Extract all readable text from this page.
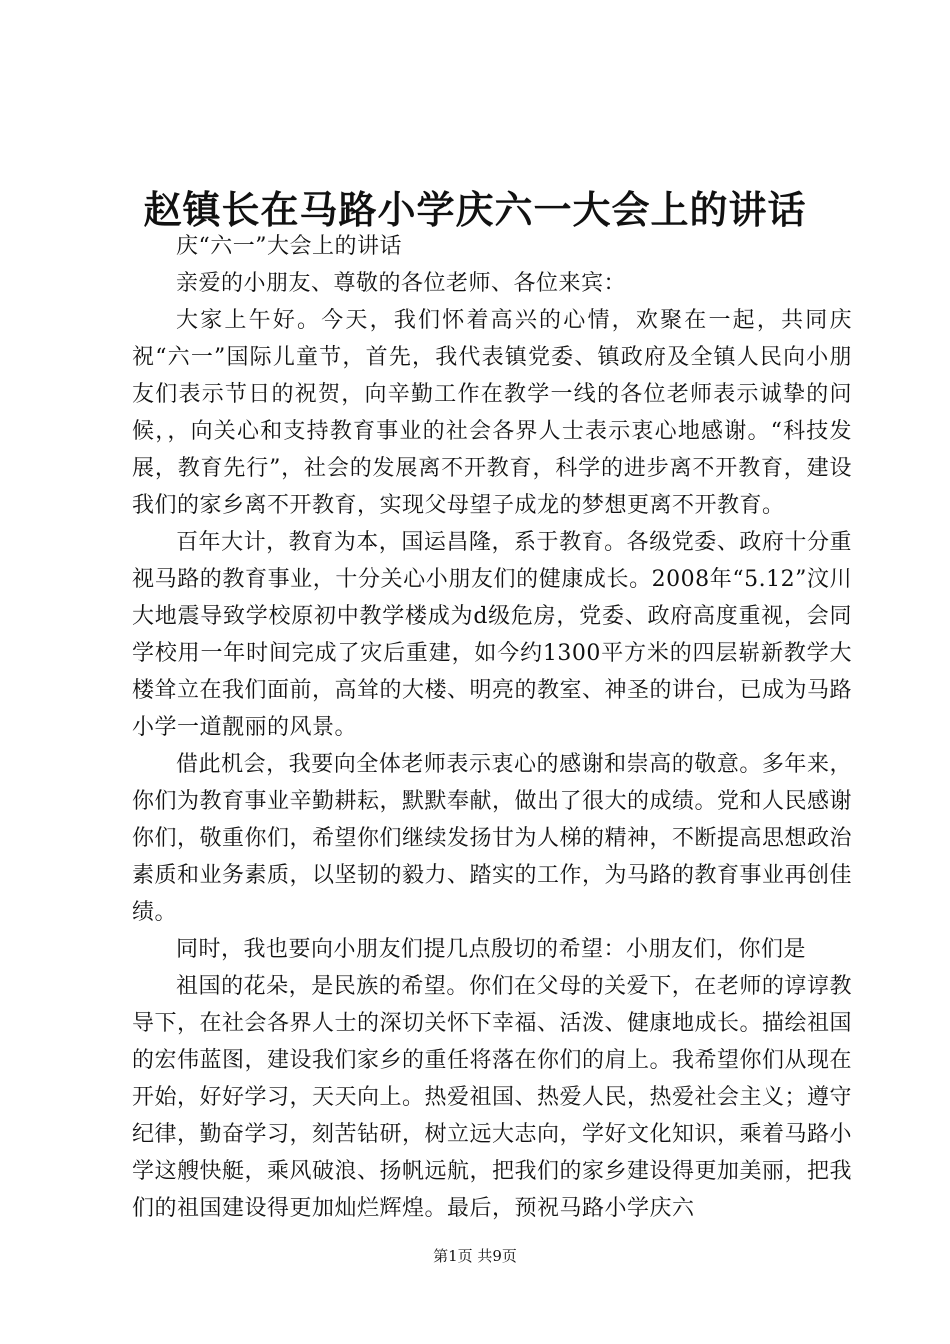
赵镇长在马路小学庆六一大会上的讲话

庆“六一”大会上的讲话

亲爱的小朋友、尊敬的各位老师、各位来宾：

大家上午好。今天，我们怀着高兴的心情，欢聚在一起，共同庆祝“六一”国际儿童节，首先，我代表镇党委、镇政府及全镇人民向小朋友们表示节日的祝贺，向辛勤工作在教学一线的各位老师表示诚挚的问候，，向关心和支持教育事业的社会各界人士表示衷心地感谢。“科技发展，教育先行”，社会的发展离不开教育，科学的进步离不开教育，建设我们的家乡离不开教育，实现父母望子成龙的梦想更离不开教育。

百年大计，教育为本，国运昌隆，系于教育。各级党委、政府十分重视马路的教育事业，十分关心小朋友们的健康成长。2008年“5.12”汶川大地震导致学校原初中教学楼成为d级危房，党委、政府高度重视，会同学校用一年时间完成了灾后重建，如今约1300平方米的四层崭新教学大楼耸立在我们面前，高耸的大楼、明亮的教室、神圣的讲台，已成为马路小学一道靓丽的风景。

借此机会，我要向全体老师表示衷心的感谢和崇高的敬意。多年来，你们为教育事业辛勤耕耘，默默奉献，做出了很大的成绩。党和人民感谢你们，敬重你们，希望你们继续发扬甘为人梯的精神，不断提高思想政治素质和业务素质，以坚韧的毅力、踏实的工作，为马路的教育事业再创佳绩。

同时，我也要向小朋友们提几点殷切的希望：小朋友们，你们是

祖国的花朵，是民族的希望。你们在父母的关爱下，在老师的谆谆教导下，在社会各界人士的深切关怀下幸福、活泼、健康地成长。描绘祖国的宏伟蓝图，建设我们家乡的重任将落在你们的肩上。我希望你们从现在开始，好好学习，天天向上。热爱祖国、热爱人民，热爱社会主义；遵守纪律，勤奋学习，刻苦钻研，树立远大志向，学好文化知识，乘着马路小学这艘快艇，乘风破浪、扬帆远航，把我们的家乡建设得更加美丽，把我们的祖国建设得更加灿烂辉煌。最后，预祝马路小学庆六

第1页 共9页
